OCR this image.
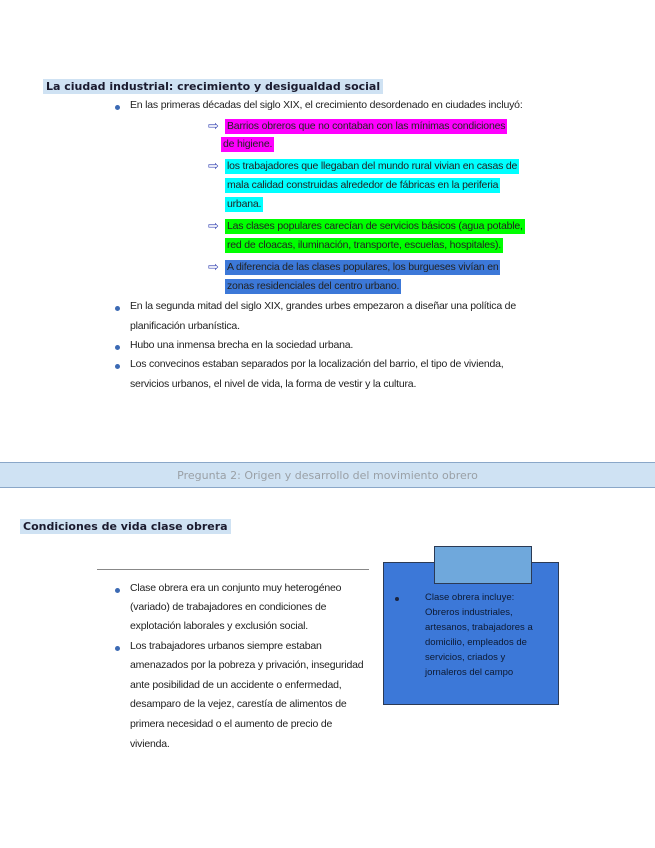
La ciudad industrial: crecimiento y desigualdad social
En las primeras décadas del siglo XIX, el crecimiento desordenado en ciudades incluyó:
⇨ Barrios obreros que no contaban con las mínimas condiciones
de higiene.
⇨ los trabajadores que llegaban del mundo rural vivian en casas de
mala calidad construidas alrededor de fábricas en la periferia
urbana.
⇨ Las clases populares carecían de servicios básicos (agua potable,
red de cloacas, iluminación, transporte, escuelas, hospitales).
⇨ A diferencia de las clases populares, los burgueses vivían en
zonas residenciales del centro urbano.
En la segunda mitad del siglo XIX, grandes urbes empezaron a diseñar una política de
planificación urbanística.
Hubo una inmensa brecha en la sociedad urbana.
Los convecinos estaban separados por la localización del barrio, el tipo de vivienda,
servicios urbanos, el nivel de vida, la forma de vestir y la cultura.
Pregunta 2: Origen y desarrollo del movimiento obrero
Condiciones de vida clase obrera
Clase obrera era un conjunto muy heterogéneo
(variado) de trabajadores en condiciones de
explotación laborales y exclusión social.
Los trabajadores urbanos siempre estaban
amenazados por la pobreza y privación, inseguridad
ante posibilidad de un accidente o enfermedad,
desamparo de la vejez, carestía de alimentos de
primera necesidad o el aumento de precio de
vivienda.
Clase obrera incluye:
Obreros industriales,
artesanos, trabajadores a
domicilio, empleados de
servicios, criados y
jornaleros del campo
